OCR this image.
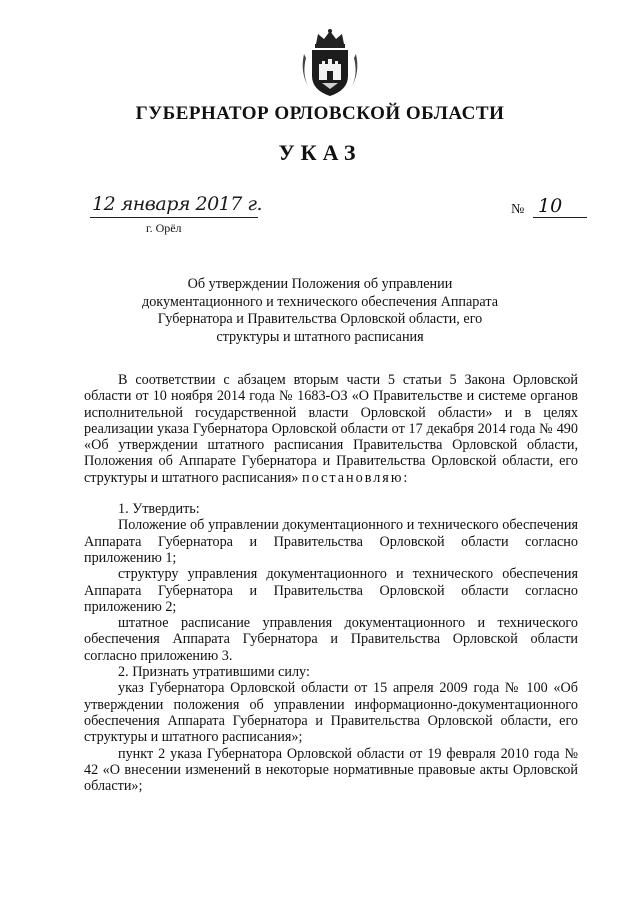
ГУБЕРНАТОР ОРЛОВСКОЙ ОБЛАСТИ
УКАЗ
12 января 2017 г.
г. Орёл
№ 10
Об утверждении Положения об управлении
документационного и технического обеспечения Аппарата
Губернатора и Правительства Орловской области, его
структуры и штатного расписания

В соответствии с абзацем вторым части 5 статьи 5 Закона Орловской области от 10 ноября 2014 года № 1683-ОЗ «О Правительстве и системе органов исполнительной государственной власти Орловской области» и в целях реализации указа Губернатора Орловской области от 17 декабря 2014 года № 490 «Об утверждении штатного расписания Правительства Орловской области, Положения об Аппарате Губернатора и Правительства Орловской области, его структуры и штатного расписания» постановляю:

1. Утвердить:

Положение об управлении документационного и технического обеспечения Аппарата Губернатора и Правительства Орловской области согласно приложению 1;

структуру управления документационного и технического обеспечения Аппарата Губернатора и Правительства Орловской области согласно приложению 2;

штатное расписание управления документационного и технического обеспечения Аппарата Губернатора и Правительства Орловской области согласно приложению 3.

2. Признать утратившими силу:

указ Губернатора Орловской области от 15 апреля 2009 года № 100 «Об утверждении положения об управлении информационно-документационного обеспечения Аппарата Губернатора и Правительства Орловской области, его структуры и штатного расписания»;

пункт 2 указа Губернатора Орловской области от 19 февраля 2010 года № 42 «О внесении изменений в некоторые нормативные правовые акты Орловской области»;
